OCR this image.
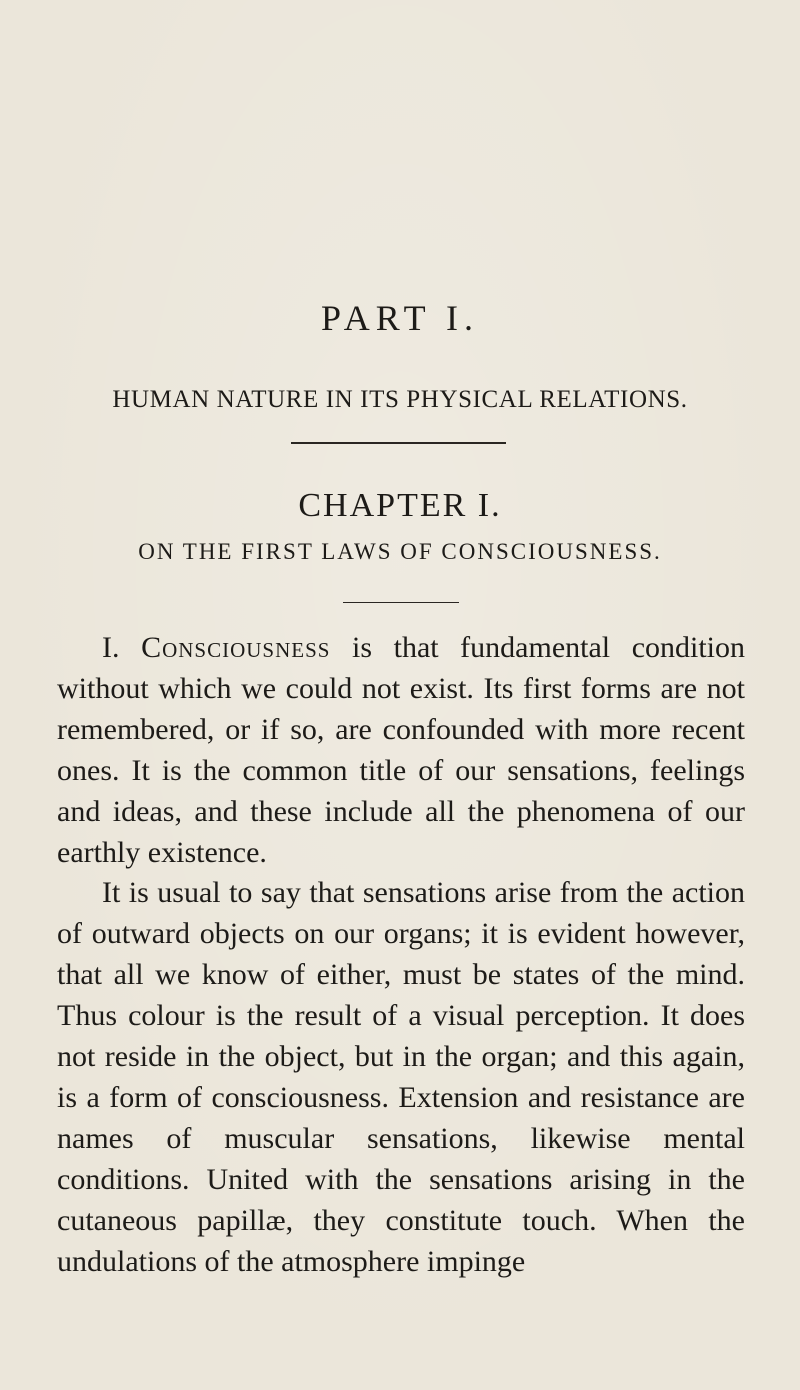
PART I.
HUMAN NATURE IN ITS PHYSICAL RELATIONS.
CHAPTER I.
ON THE FIRST LAWS OF CONSCIOUSNESS.

I. Consciousness is that fundamental condition without which we could not exist. Its first forms are not remembered, or if so, are confounded with more recent ones. It is the common title of our sensations, feelings and ideas, and these include all the phenomena of our earthly existence.

It is usual to say that sensations arise from the action of outward objects on our organs; it is evident however, that all we know of either, must be states of the mind. Thus colour is the result of a visual perception. It does not reside in the object, but in the organ; and this again, is a form of consciousness. Extension and resistance are names of muscular sensations, likewise mental conditions. United with the sensations arising in the cutaneous papillæ, they constitute touch. When the undulations of the atmosphere impinge
